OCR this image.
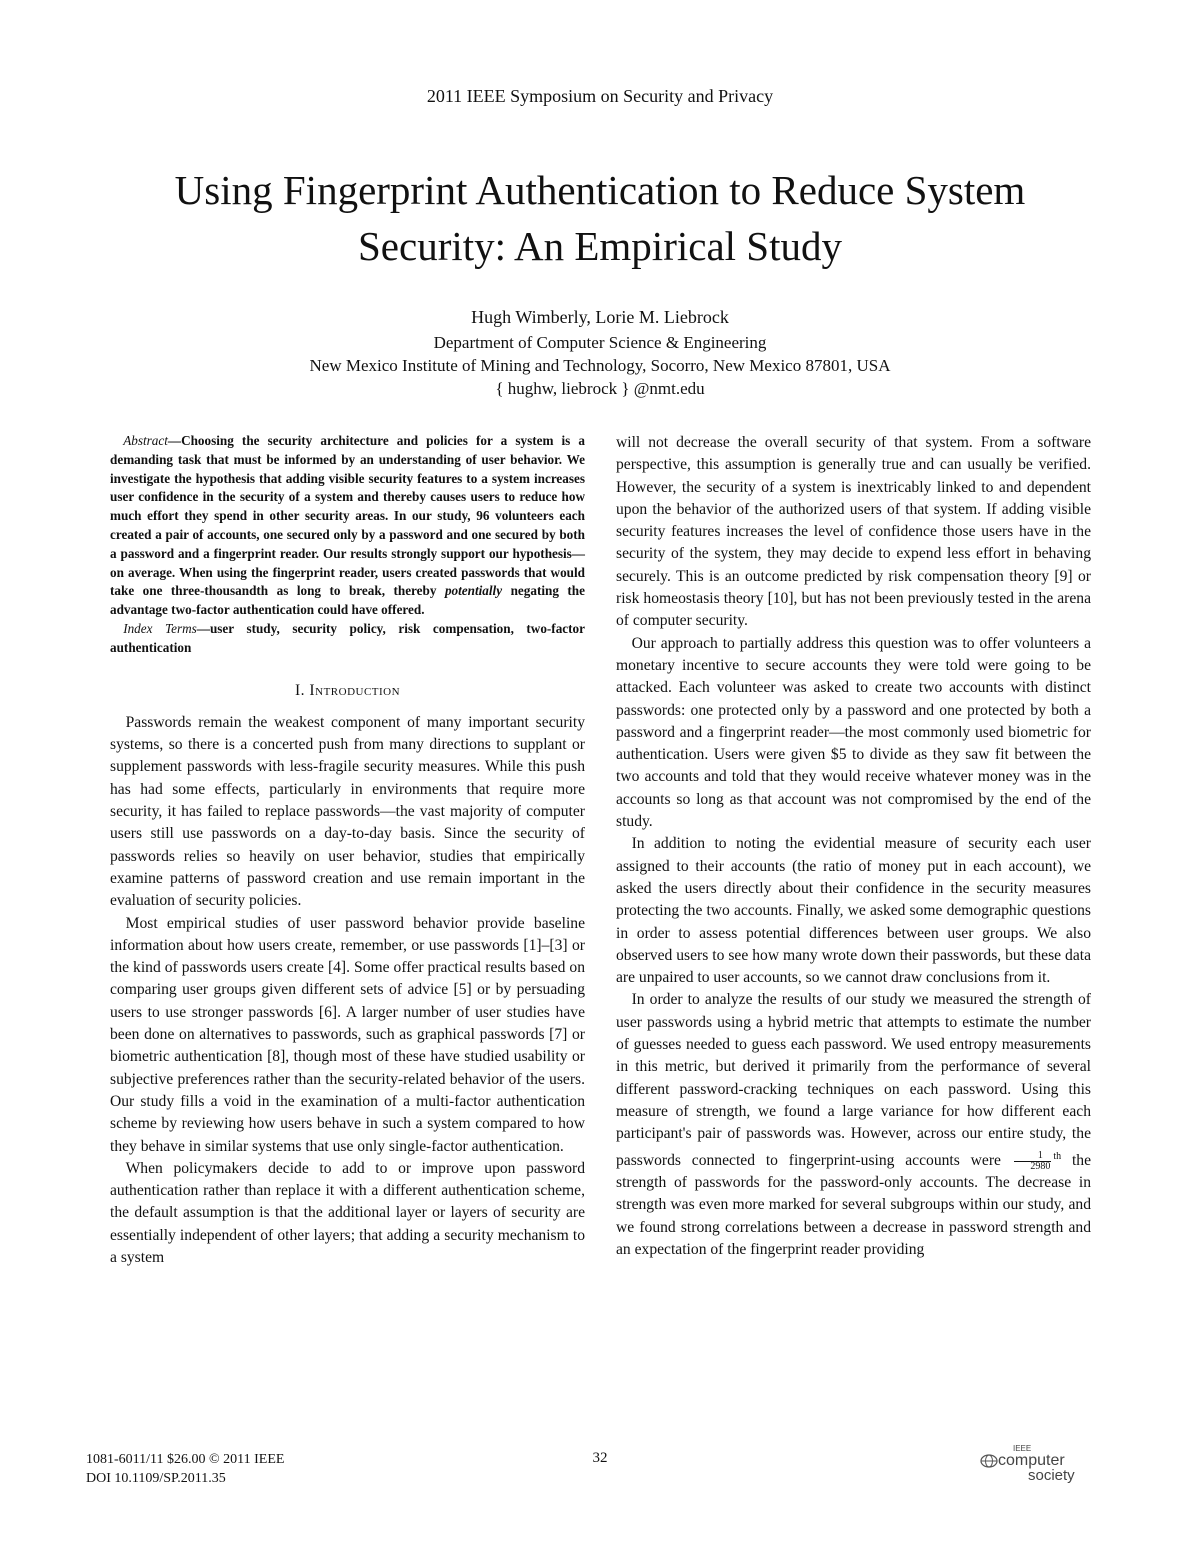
2011 IEEE Symposium on Security and Privacy
Using Fingerprint Authentication to Reduce System Security: An Empirical Study
Hugh Wimberly, Lorie M. Liebrock
Department of Computer Science & Engineering
New Mexico Institute of Mining and Technology, Socorro, New Mexico 87801, USA
{ hughw, liebrock } @nmt.edu

Abstract—Choosing the security architecture and policies for a system is a demanding task that must be informed by an understanding of user behavior. We investigate the hypothesis that adding visible security features to a system increases user confidence in the security of a system and thereby causes users to reduce how much effort they spend in other security areas. In our study, 96 volunteers each created a pair of accounts, one secured only by a password and one secured by both a password and a fingerprint reader. Our results strongly support our hypothesis—on average. When using the fingerprint reader, users created passwords that would take one three-thousandth as long to break, thereby potentially negating the advantage two-factor authentication could have offered.

Index Terms—user study, security policy, risk compensation, two-factor authentication

I. Introduction

Passwords remain the weakest component of many important security systems, so there is a concerted push from many directions to supplant or supplement passwords with less-fragile security measures. While this push has had some effects, particularly in environments that require more security, it has failed to replace passwords—the vast majority of computer users still use passwords on a day-to-day basis. Since the security of passwords relies so heavily on user behavior, studies that empirically examine patterns of password creation and use remain important in the evaluation of security policies.

Most empirical studies of user password behavior provide baseline information about how users create, remember, or use passwords [1]–[3] or the kind of passwords users create [4]. Some offer practical results based on comparing user groups given different sets of advice [5] or by persuading users to use stronger passwords [6]. A larger number of user studies have been done on alternatives to passwords, such as graphical passwords [7] or biometric authentication [8], though most of these have studied usability or subjective preferences rather than the security-related behavior of the users. Our study fills a void in the examination of a multi-factor authentication scheme by reviewing how users behave in such a system compared to how they behave in similar systems that use only single-factor authentication.

When policymakers decide to add to or improve upon password authentication rather than replace it with a different authentication scheme, the default assumption is that the additional layer or layers of security are essentially independent of other layers; that adding a security mechanism to a system

will not decrease the overall security of that system. From a software perspective, this assumption is generally true and can usually be verified. However, the security of a system is inextricably linked to and dependent upon the behavior of the authorized users of that system. If adding visible security features increases the level of confidence those users have in the security of the system, they may decide to expend less effort in behaving securely. This is an outcome predicted by risk compensation theory [9] or risk homeostasis theory [10], but has not been previously tested in the arena of computer security.

Our approach to partially address this question was to offer volunteers a monetary incentive to secure accounts they were told were going to be attacked. Each volunteer was asked to create two accounts with distinct passwords: one protected only by a password and one protected by both a password and a fingerprint reader—the most commonly used biometric for authentication. Users were given $5 to divide as they saw fit between the two accounts and told that they would receive whatever money was in the accounts so long as that account was not compromised by the end of the study.

In addition to noting the evidential measure of security each user assigned to their accounts (the ratio of money put in each account), we asked the users directly about their confidence in the security measures protecting the two accounts. Finally, we asked some demographic questions in order to assess potential differences between user groups. We also observed users to see how many wrote down their passwords, but these data are unpaired to user accounts, so we cannot draw conclusions from it.

In order to analyze the results of our study we measured the strength of user passwords using a hybrid metric that attempts to estimate the number of guesses needed to guess each password. We used entropy measurements in this metric, but derived it primarily from the performance of several different password-cracking techniques on each password. Using this measure of strength, we found a large variance for how different each participant's pair of passwords was. However, across our entire study, the passwords connected to fingerprint-using accounts were $\frac{1}{2980} ^{th}$ the strength of passwords for the password-only accounts. The decrease in strength was even more marked for several subgroups within our study, and we found strong correlations between a decrease in password strength and an expectation of the fingerprint reader providing

1081-6011/11 $26.00 © 2011 IEEE
DOI 10.1109/SP.2011.35
32
IEEE
computer
society
